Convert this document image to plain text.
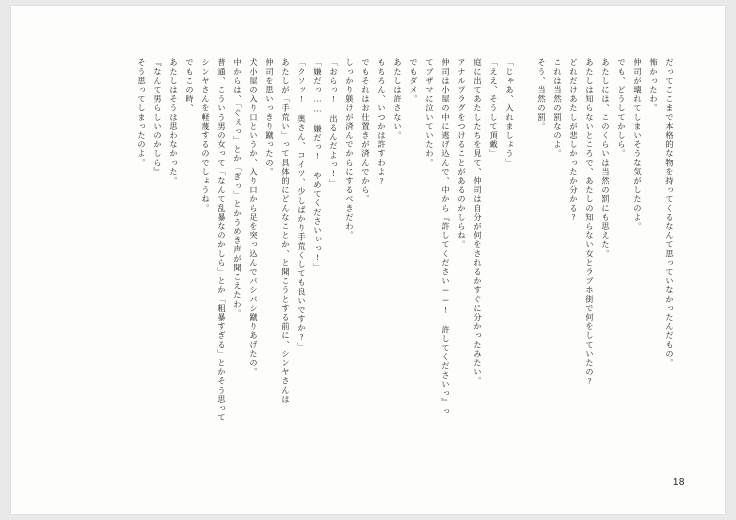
だってここまで本格的な物を持ってくるなんて思っていなかったんだもの。
怖かったわ。
仲司が壊れてしまいそうな気がしたのよ。
でも、どうしてかしら。
あたしには、このくらいは当然の罰にも思えた。
あたしは知らないところで、あたしの知らない女とラブホ街で何をしていたの?
どれだけあたしが悲しかったか分かる?
これは当然の罰なのよ。
そう、当然の罰。
「じゃあ、入れましょう」
「ええ、そうして頂戴」
庭に出てあたしたちを見て、仲司は自分が何をされるかすぐに分かったみたい。
アナルプラグをつけることがあるのかしらね。
仲司は小屋の中に逃げ込んで、中から『許してください──! 許してくださいっ』っ
てブザマに泣いていたわ。
でもダメ。
あたしは許さない。
もちろん、いつかは許すわよ?
でもそれはお仕置きが済んでから。
しっかり躾けが済んでからにするべきだわ。
「おらっ! 出るんだよっ!」
「嫌だっ…… 嫌だっ! やめてくださいぃっ!」
「クソッ! 奥さん、コイツ、少しばかり手荒くしても良いですか?」
あたしが「手荒い」って具体的にどんなことか、と聞こうとする前に、シンヤさんは
仲司を思いっきり蹴ったの。
犬小屋の入り口というか、入り口から足を突っ込んでバシバシ蹴りあげたの。
中からは、「ぐぇっ」とか「ぎっ」とかうめき声が聞こえたわ。
普通、こういう男の女って「なんて乱暴なのかしら」とか「粗暴すぎる」とかそう思って
シンヤさんを軽蔑するのでしょうね。
でもこの時、
あたしはそうは思わなかった。
『なんて男らしいのかしら』
そう思ってしまったのよ。
18
